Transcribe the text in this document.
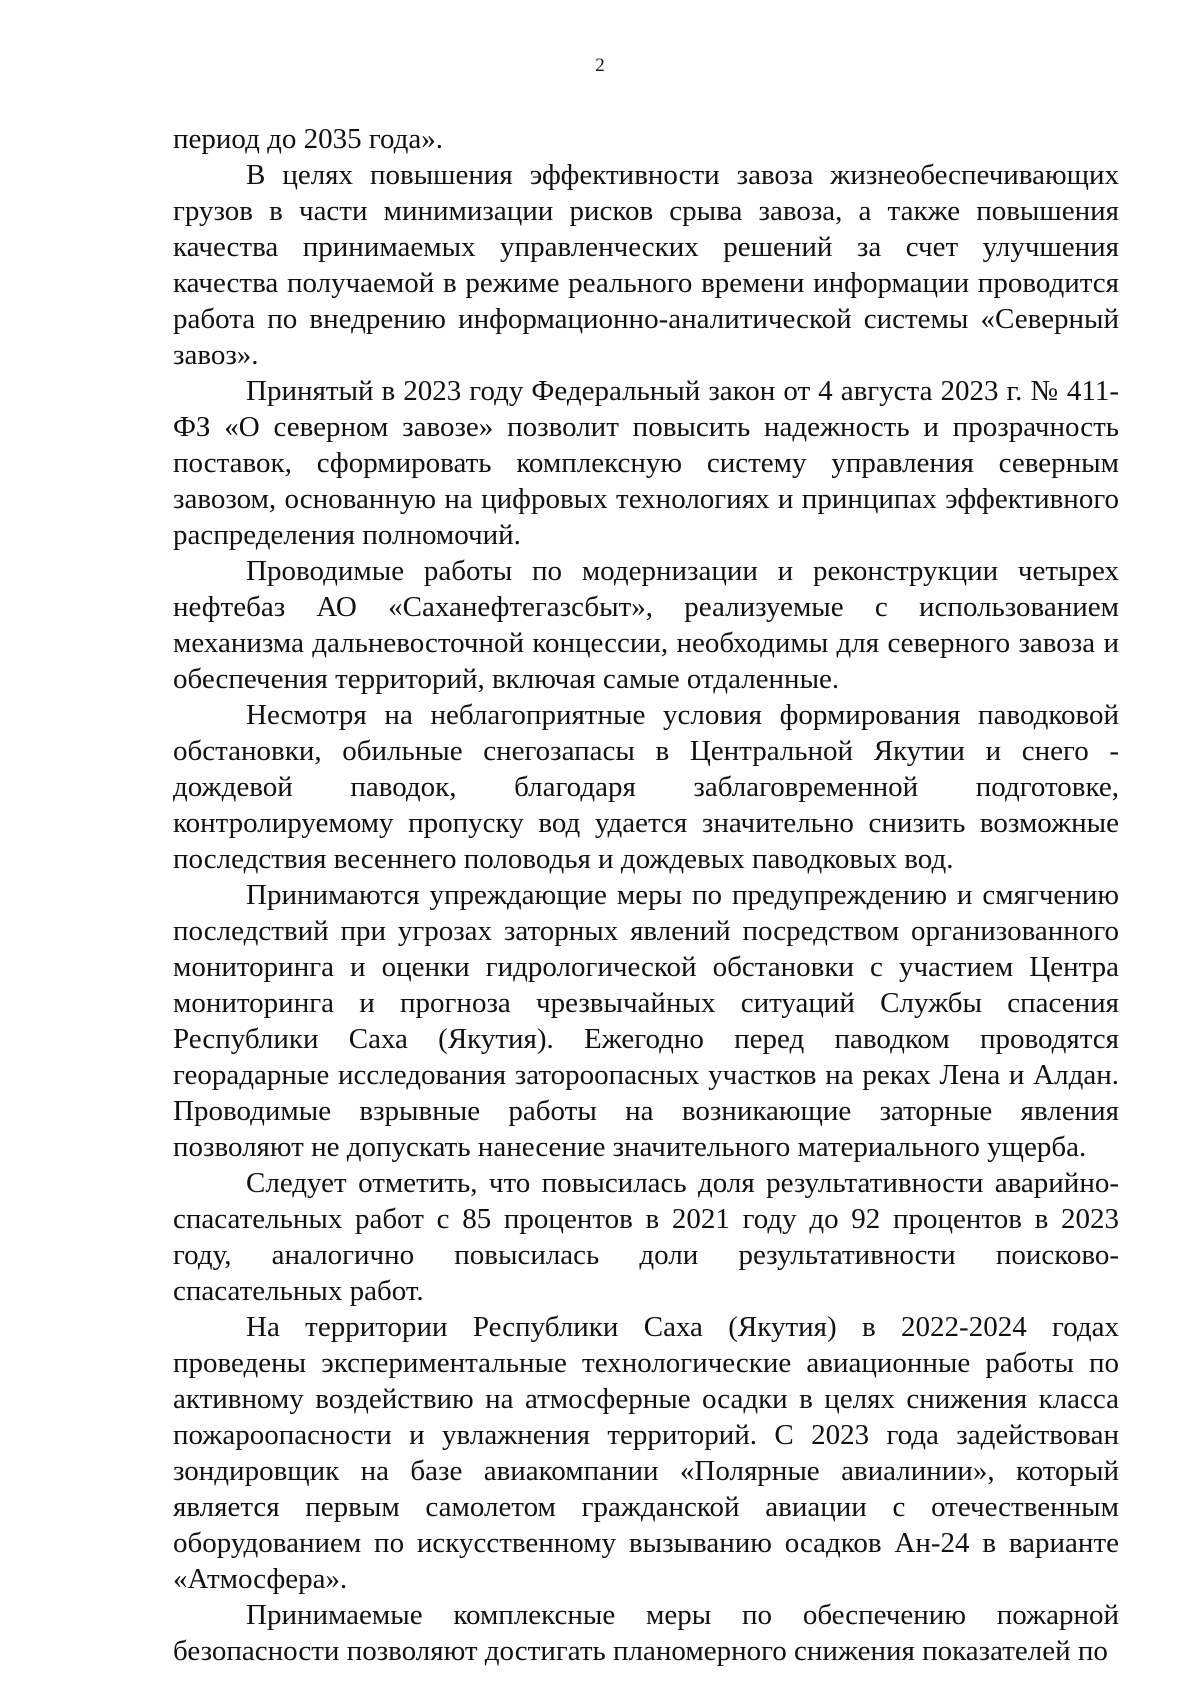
2

период до 2035 года».

В целях повышения эффективности завоза жизнеобеспечивающих грузов в части минимизации рисков срыва завоза, а также повышения качества принимаемых управленческих решений за счет улучшения качества получаемой в режиме реального времени информации проводится работа по внедрению информационно-аналитической системы «Северный завоз».

Принятый в 2023 году Федеральный закон от 4 августа 2023 г. № 411-ФЗ «О северном завозе» позволит повысить надежность и прозрачность поставок, сформировать комплексную систему управления северным завозом, основанную на цифровых технологиях и принципах эффективного распределения полномочий.

Проводимые работы по модернизации и реконструкции четырех нефтебаз АО «Саханефтегазсбыт», реализуемые с использованием механизма дальневосточной концессии, необходимы для северного завоза и обеспечения территорий, включая самые отдаленные.

Несмотря на неблагоприятные условия формирования паводковой обстановки, обильные снегозапасы в Центральной Якутии и снего - дождевой паводок, благодаря заблаговременной подготовке, контролируемому пропуску вод удается значительно снизить возможные последствия весеннего половодья и дождевых паводковых вод.

Принимаются упреждающие меры по предупреждению и смягчению последствий при угрозах заторных явлений посредством организованного мониторинга и оценки гидрологической обстановки с участием Центра мониторинга и прогноза чрезвычайных ситуаций Службы спасения Республики Саха (Якутия). Ежегодно перед паводком проводятся георадарные исследования затороопасных участков на реках Лена и Алдан. Проводимые взрывные работы на возникающие заторные явления позволяют не допускать нанесение значительного материального ущерба.

Следует отметить, что повысилась доля результативности аварийно-спасательных работ с 85 процентов в 2021 году до 92 процентов в 2023 году, аналогично повысилась доли результативности поисково-спасательных работ.

На территории Республики Саха (Якутия) в 2022-2024 годах проведены экспериментальные технологические авиационные работы по активному воздействию на атмосферные осадки в целях снижения класса пожароопасности и увлажнения территорий. С 2023 года задействован зондировщик на базе авиакомпании «Полярные авиалинии», который является первым самолетом гражданской авиации с отечественным оборудованием по искусственному вызыванию осадков Ан-24 в варианте «Атмосфера».

Принимаемые комплексные меры по обеспечению пожарной безопасности позволяют достигать планомерного снижения показателей по
